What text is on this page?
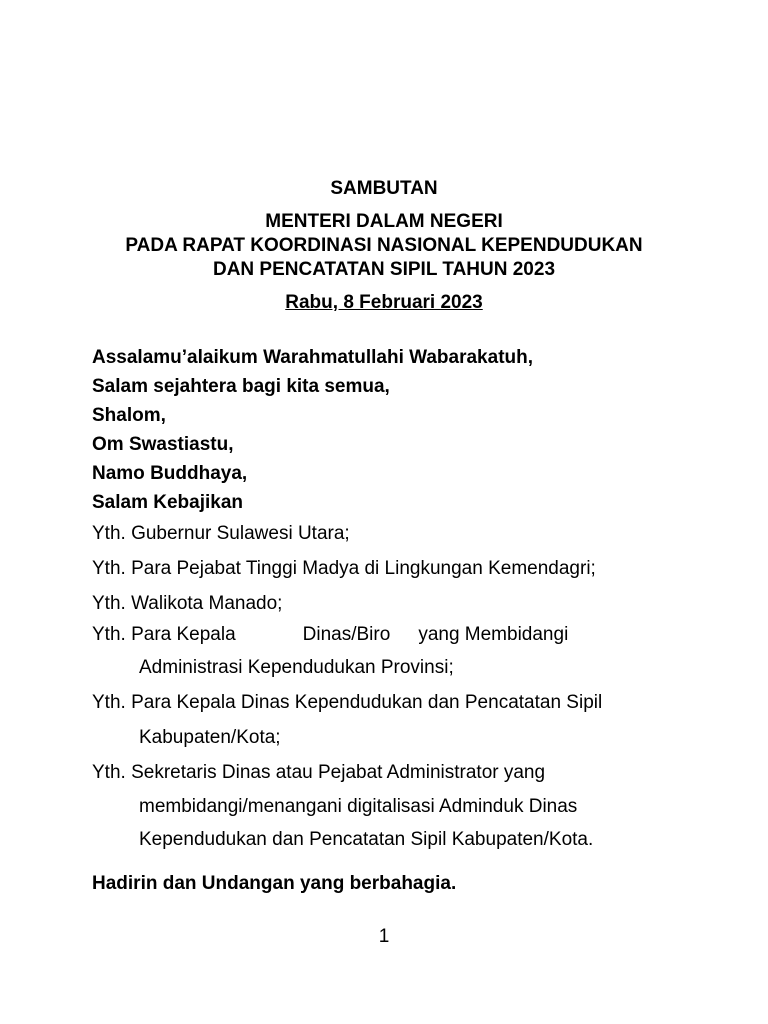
SAMBUTAN
MENTERI DALAM NEGERI
PADA RAPAT KOORDINASI NASIONAL KEPENDUDUKAN
DAN PENCATATAN SIPIL TAHUN 2023
Rabu, 8 Februari 2023
Assalamu’alaikum Warahmatullahi Wabarakatuh,
Salam sejahtera bagi kita semua,
Shalom,
Om Swastiastu,
Namo Buddhaya,
Salam Kebajikan
Yth. Gubernur Sulawesi Utara;
Yth. Para Pejabat Tinggi Madya di Lingkungan Kemendagri;
Yth. Walikota Manado;
Yth. Para Kepala	Dinas/Biro yang Membidangi
Administrasi Kependudukan Provinsi;
Yth. Para Kepala Dinas Kependudukan dan Pencatatan Sipil
Kabupaten/Kota;
Yth. Sekretaris Dinas atau Pejabat Administrator yang
membidangi/menangani digitalisasi Adminduk Dinas
Kependudukan dan Pencatatan Sipil Kabupaten/Kota.
Hadirin dan Undangan yang berbahagia.
1
